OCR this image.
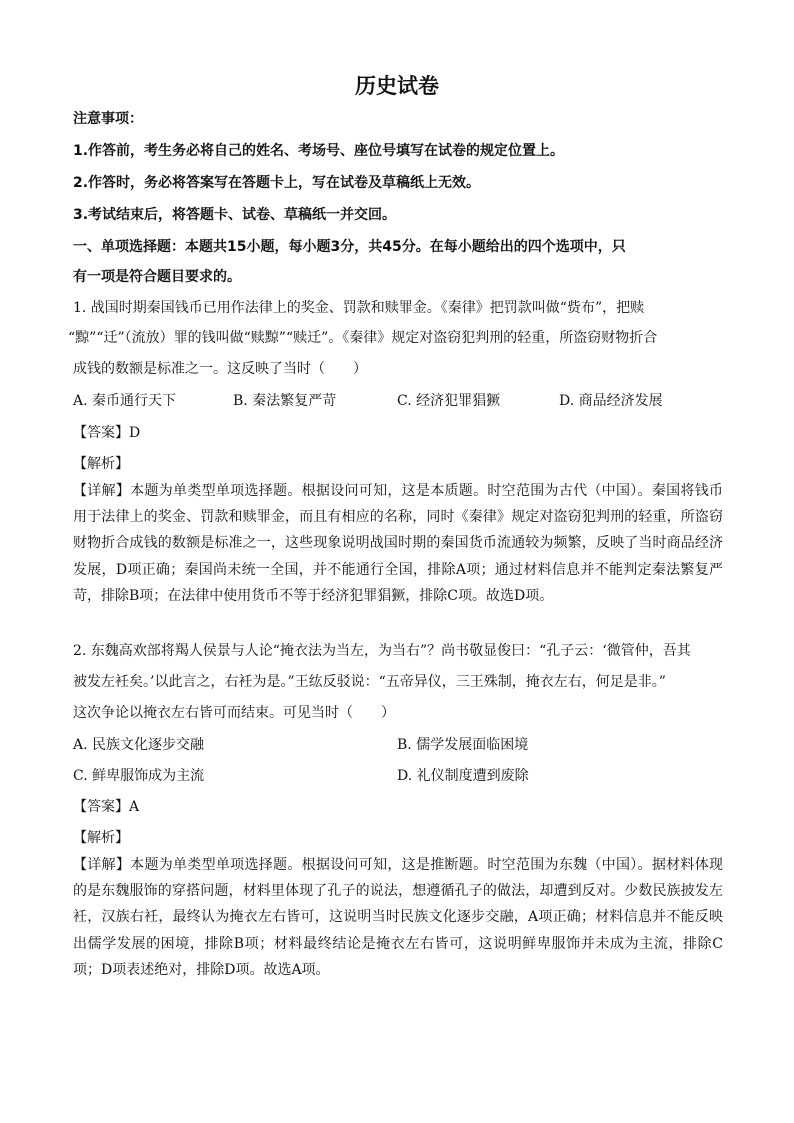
历史试卷
注意事项：
1.作答前，考生务必将自己的姓名、考场号、座位号填写在试卷的规定位置上。
2.作答时，务必将答案写在答题卡上，写在试卷及草稿纸上无效。
3.考试结束后，将答题卡、试卷、草稿纸一并交回。
一、单项选择题：本题共15小题，每小题3分，共45分。在每小题给出的四个选项中，只
有一项是符合题目要求的。
1. 战国时期秦国钱币已用作法律上的奖金、罚款和赎罪金。《秦律》把罚款叫做“赀布”，把赎
“黥”“迁”（流放）罪的钱叫做“赎黥”“赎迁”。《秦律》规定对盗窃犯判刑的轻重，所盗窃财物折合
成钱的数额是标准之一。这反映了当时（　　）
A. 秦币通行天下	B. 秦法繁复严苛	C. 经济犯罪猖獗	D. 商品经济发展
【答案】D
【解析】
【详解】本题为单类型单项选择题。根据设问可知，这是本质题。时空范围为古代（中国）。秦国将钱币用于法律上的奖金、罚款和赎罪金，而且有相应的名称，同时《秦律》规定对盗窃犯判刑的轻重，所盗窃财物折合成钱的数额是标准之一，这些现象说明战国时期的秦国货币流通较为频繁，反映了当时商品经济发展，D项正确；秦国尚未统一全国，并不能通行全国，排除A项；通过材料信息并不能判定秦法繁复严苛，排除B项；在法律中使用货币不等于经济犯罪猖獗，排除C项。故选D项。
2. 东魏高欢部将羯人侯景与人论“掩衣法为当左，为当右”？尚书敬显俊曰：“孔子云：‘微管仲，吾其
被发左衽矣。’以此言之，右衽为是。”王纮反驳说：“五帝异仪，三王殊制，掩衣左右，何足是非。”
这次争论以掩衣左右皆可而结束。可见当时（　　）
A. 民族文化逐步交融	B. 儒学发展面临困境
C. 鲜卑服饰成为主流	D. 礼仪制度遭到废除
【答案】A
【解析】
【详解】本题为单类型单项选择题。根据设问可知，这是推断题。时空范围为东魏（中国）。据材料体现的是东魏服饰的穿搭问题，材料里体现了孔子的说法，想遵循孔子的做法，却遭到反对。少数民族披发左衽，汉族右衽，最终认为掩衣左右皆可，这说明当时民族文化逐步交融，A项正确；材料信息并不能反映出儒学发展的困境，排除B项；材料最终结论是掩衣左右皆可，这说明鲜卑服饰并未成为主流，排除C项；D项表述绝对，排除D项。故选A项。
